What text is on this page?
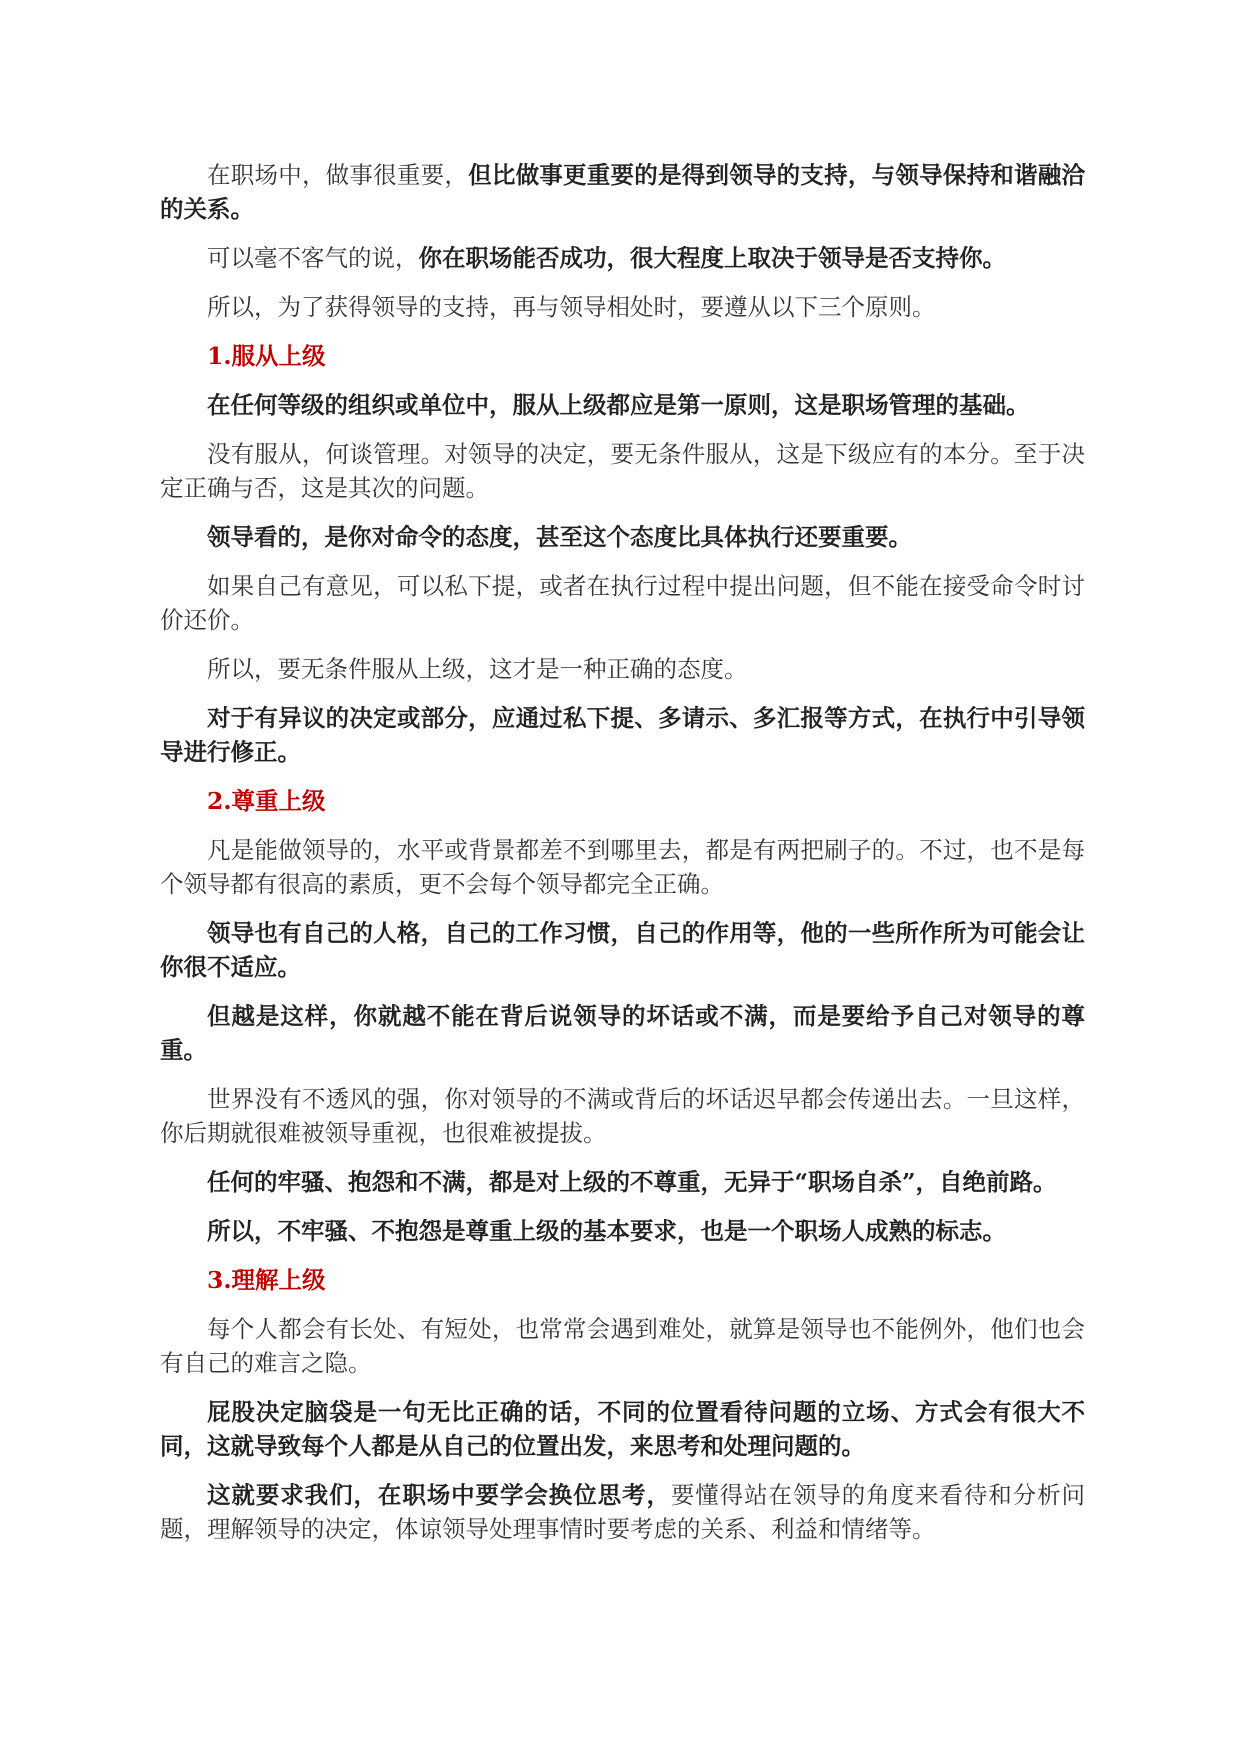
在职场中，做事很重要，但比做事更重要的是得到领导的支持，与领导保持和谐融洽的关系。

可以毫不客气的说，你在职场能否成功，很大程度上取决于领导是否支持你。

所以，为了获得领导的支持，再与领导相处时，要遵从以下三个原则。

1.服从上级

在任何等级的组织或单位中，服从上级都应是第一原则，这是职场管理的基础。

没有服从，何谈管理。对领导的决定，要无条件服从，这是下级应有的本分。至于决定正确与否，这是其次的问题。

领导看的，是你对命令的态度，甚至这个态度比具体执行还要重要。

如果自己有意见，可以私下提，或者在执行过程中提出问题，但不能在接受命令时讨价还价。

所以，要无条件服从上级，这才是一种正确的态度。

对于有异议的决定或部分，应通过私下提、多请示、多汇报等方式，在执行中引导领导进行修正。

2.尊重上级

凡是能做领导的，水平或背景都差不到哪里去，都是有两把刷子的。不过，也不是每个领导都有很高的素质，更不会每个领导都完全正确。

领导也有自己的人格，自己的工作习惯，自己的作用等，他的一些所作所为可能会让你很不适应。

但越是这样，你就越不能在背后说领导的坏话或不满，而是要给予自己对领导的尊重。

世界没有不透风的强，你对领导的不满或背后的坏话迟早都会传递出去。一旦这样，你后期就很难被领导重视，也很难被提拔。

任何的牢骚、抱怨和不满，都是对上级的不尊重，无异于“职场自杀”，自绝前路。

所以，不牢骚、不抱怨是尊重上级的基本要求，也是一个职场人成熟的标志。

3.理解上级

每个人都会有长处、有短处，也常常会遇到难处，就算是领导也不能例外，他们也会有自己的难言之隐。

屁股决定脑袋是一句无比正确的话，不同的位置看待问题的立场、方式会有很大不同，这就导致每个人都是从自己的位置出发，来思考和处理问题的。

这就要求我们，在职场中要学会换位思考，要懂得站在领导的角度来看待和分析问题，理解领导的决定，体谅领导处理事情时要考虑的关系、利益和情绪等。
